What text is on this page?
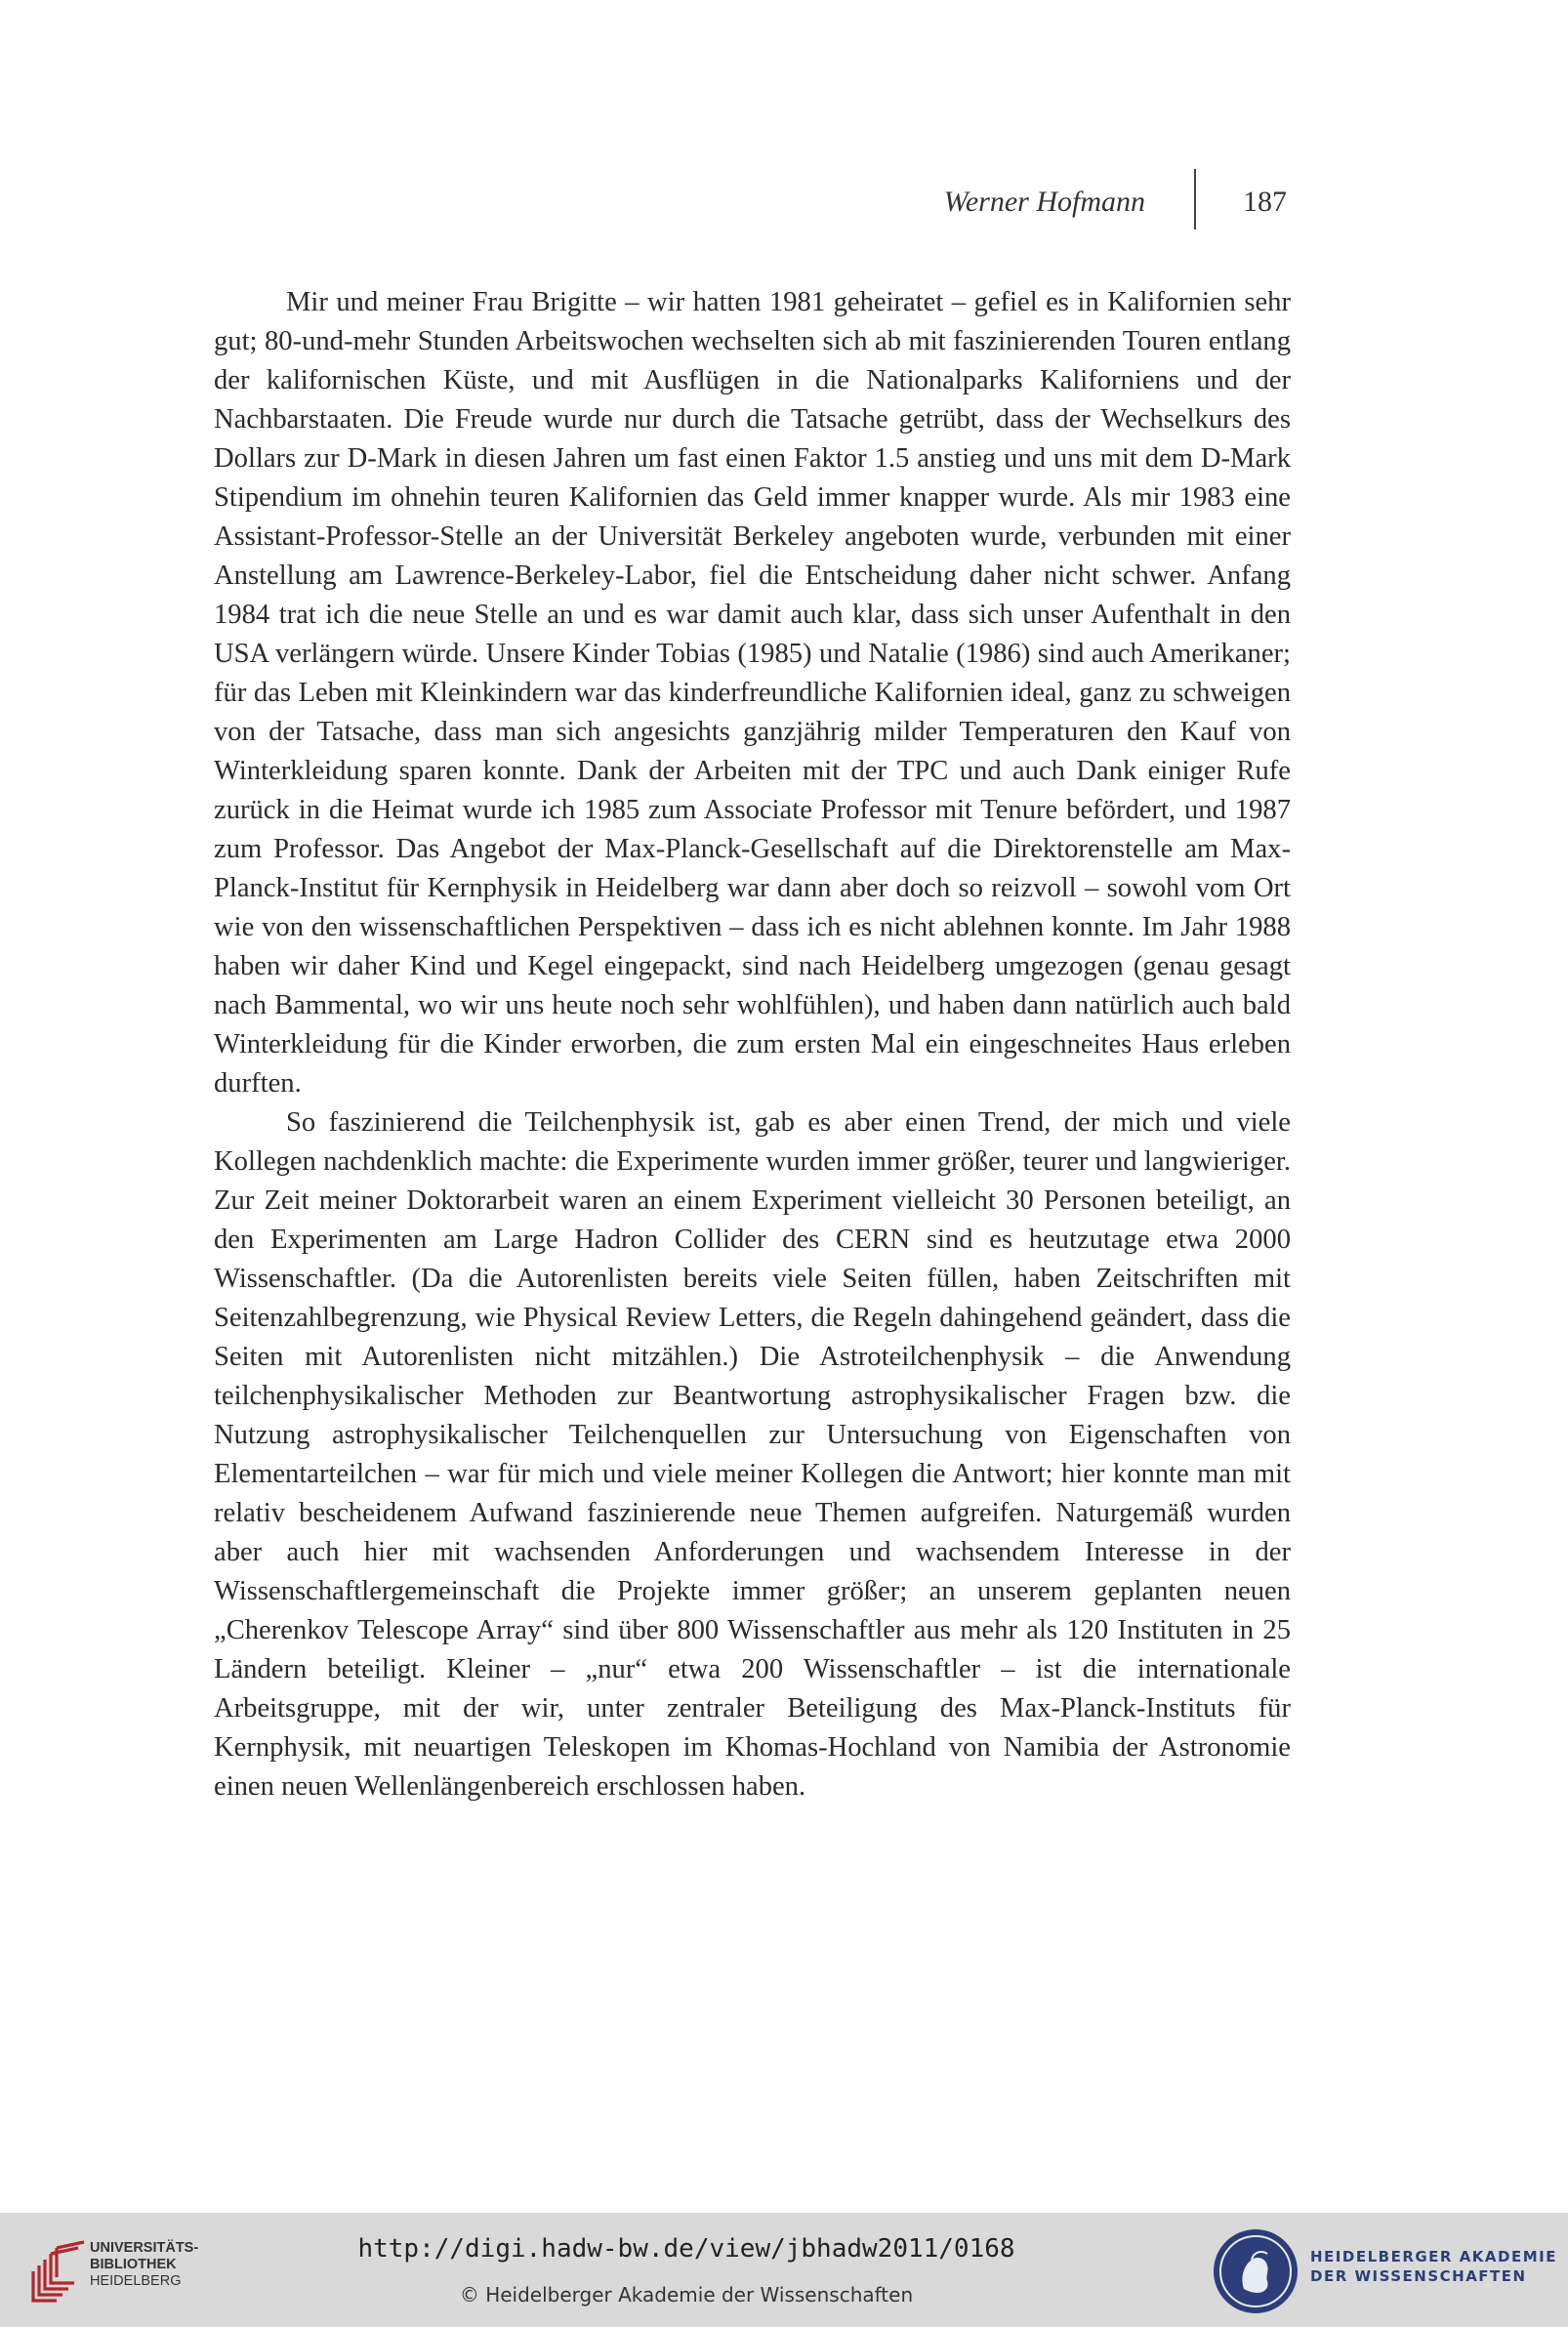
Werner Hofmann	187

Mir und meiner Frau Brigitte – wir hatten 1981 geheiratet – gefiel es in Kalifornien sehr gut; 80-und-mehr Stunden Arbeitswochen wechselten sich ab mit faszinierenden Touren entlang der kalifornischen Küste, und mit Ausflügen in die Nationalparks Kaliforniens und der Nachbarstaaten. Die Freude wurde nur durch die Tatsache getrübt, dass der Wechselkurs des Dollars zur D-Mark in diesen Jahren um fast einen Faktor 1.5 anstieg und uns mit dem D-Mark Stipendium im ohnehin teuren Kalifornien das Geld immer knapper wurde. Als mir 1983 eine Assistant-Professor-Stelle an der Universität Berkeley angeboten wurde, verbunden mit einer Anstellung am Lawrence-Berkeley-Labor, fiel die Entscheidung daher nicht schwer. Anfang 1984 trat ich die neue Stelle an und es war damit auch klar, dass sich unser Aufenthalt in den USA verlängern würde. Unsere Kinder Tobias (1985) und Natalie (1986) sind auch Amerikaner; für das Leben mit Kleinkindern war das kinderfreundliche Kalifornien ideal, ganz zu schweigen von der Tatsache, dass man sich angesichts ganzjährig milder Temperaturen den Kauf von Winterkleidung sparen konnte. Dank der Arbeiten mit der TPC und auch Dank einiger Rufe zurück in die Heimat wurde ich 1985 zum Associate Professor mit Tenure befördert, und 1987 zum Professor. Das Angebot der Max-Planck-Gesellschaft auf die Direktorenstelle am Max-Planck-Institut für Kernphysik in Heidelberg war dann aber doch so reizvoll – sowohl vom Ort wie von den wissenschaftlichen Perspektiven – dass ich es nicht ablehnen konnte. Im Jahr 1988 haben wir daher Kind und Kegel eingepackt, sind nach Heidelberg umgezogen (genau gesagt nach Bammental, wo wir uns heute noch sehr wohlfühlen), und haben dann natürlich auch bald Winterkleidung für die Kinder erworben, die zum ersten Mal ein eingeschneites Haus erleben durften.

So faszinierend die Teilchenphysik ist, gab es aber einen Trend, der mich und viele Kollegen nachdenklich machte: die Experimente wurden immer größer, teurer und langwieriger. Zur Zeit meiner Doktorarbeit waren an einem Experiment vielleicht 30 Personen beteiligt, an den Experimenten am Large Hadron Collider des CERN sind es heutzutage etwa 2000 Wissenschaftler. (Da die Autorenlisten bereits viele Seiten füllen, haben Zeitschriften mit Seitenzahlbegrenzung, wie Physical Review Letters, die Regeln dahingehend geändert, dass die Seiten mit Autorenlisten nicht mitzählen.) Die Astroteilchenphysik – die Anwendung teilchenphysikalischer Methoden zur Beantwortung astrophysikalischer Fragen bzw. die Nutzung astrophysikalischer Teilchenquellen zur Untersuchung von Eigenschaften von Elementarteilchen – war für mich und viele meiner Kollegen die Antwort; hier konnte man mit relativ bescheidenem Aufwand faszinierende neue Themen aufgreifen. Naturgemäß wurden aber auch hier mit wachsenden Anforderungen und wachsendem Interesse in der Wissenschaftlergemeinschaft die Projekte immer größer; an unserem geplanten neuen „Cherenkov Telescope Array“ sind über 800 Wissenschaftler aus mehr als 120 Instituten in 25 Ländern beteiligt. Kleiner – „nur“ etwa 200 Wissenschaftler – ist die internationale Arbeitsgruppe, mit der wir, unter zentraler Beteiligung des Max-Planck-Instituts für Kernphysik, mit neuartigen Teleskopen im Khomas-Hochland von Namibia der Astronomie einen neuen Wellenlängenbereich erschlossen haben.

UNIVERSITÄTS-
BIBLIOTHEK
HEIDELBERG
http://digi.hadw-bw.de/view/jbhadw2011/0168
© Heidelberger Akademie der Wissenschaften
HEIDELBERGER AKADEMIE
DER WISSENSCHAFTEN
